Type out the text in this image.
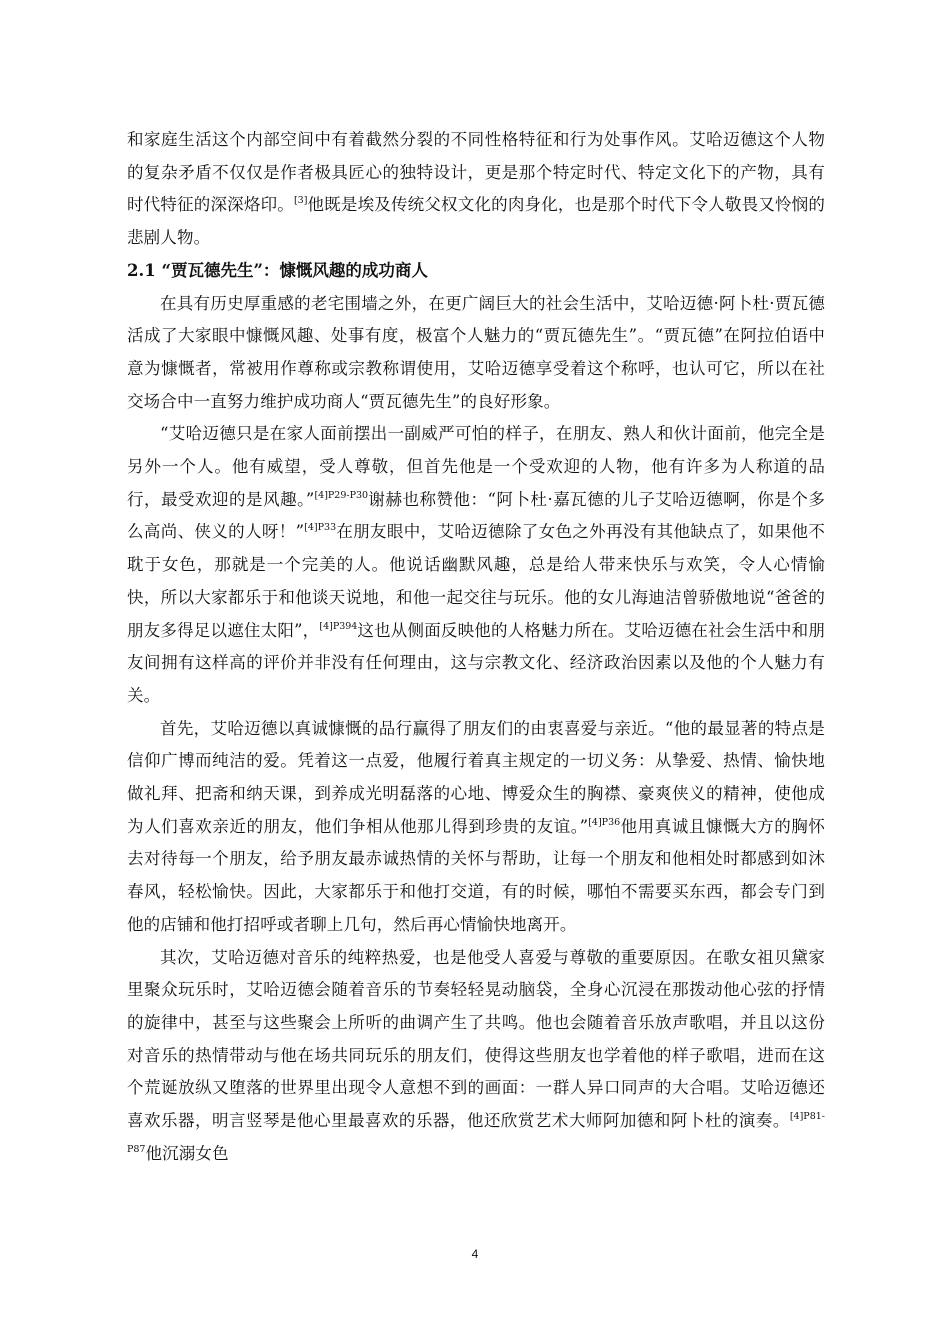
和家庭生活这个内部空间中有着截然分裂的不同性格特征和行为处事作风。艾哈迈德这个人物的复杂矛盾不仅仅是作者极具匠心的独特设计，更是那个特定时代、特定文化下的产物，具有时代特征的深深烙印。[3]他既是埃及传统父权文化的肉身化，也是那个时代下令人敬畏又怜悯的悲剧人物。

2.1 “贾瓦德先生”：慷慨风趣的成功商人

在具有历史厚重感的老宅围墙之外，在更广阔巨大的社会生活中，艾哈迈德·阿卜杜·贾瓦德活成了大家眼中慷慨风趣、处事有度，极富个人魅力的“贾瓦德先生”。“贾瓦德”在阿拉伯语中意为慷慨者，常被用作尊称或宗教称谓使用，艾哈迈德享受着这个称呼，也认可它，所以在社交场合中一直努力维护成功商人“贾瓦德先生”的良好形象。

“艾哈迈德只是在家人面前摆出一副威严可怕的样子，在朋友、熟人和伙计面前，他完全是另外一个人。他有威望，受人尊敬，但首先他是一个受欢迎的人物，他有许多为人称道的品行，最受欢迎的是风趣。”$^{[4]P29-P30}$谢赫也称赞他：“阿卜杜·嘉瓦德的儿子艾哈迈德啊，你是个多么高尚、侠义的人呀！”$^{[4]P33}$在朋友眼中，艾哈迈德除了女色之外再没有其他缺点了，如果他不耽于女色，那就是一个完美的人。他说话幽默风趣，总是给人带来快乐与欢笑，令人心情愉快，所以大家都乐于和他谈天说地，和他一起交往与玩乐。他的女儿海迪洁曾骄傲地说“爸爸的朋友多得足以遮住太阳”，$^{[4]P394}$这也从侧面反映他的人格魅力所在。艾哈迈德在社会生活中和朋友间拥有这样高的评价并非没有任何理由，这与宗教文化、经济政治因素以及他的个人魅力有关。

首先，艾哈迈德以真诚慷慨的品行赢得了朋友们的由衷喜爱与亲近。“他的最显著的特点是信仰广博而纯洁的爱。凭着这一点爱，他履行着真主规定的一切义务：从挚爱、热情、愉快地做礼拜、把斋和纳天课，到养成光明磊落的心地、博爱众生的胸襟、豪爽侠义的精神，使他成为人们喜欢亲近的朋友，他们争相从他那儿得到珍贵的友谊。”$^{[4]P36}$他用真诚且慷慨大方的胸怀去对待每一个朋友，给予朋友最赤诚热情的关怀与帮助，让每一个朋友和他相处时都感到如沐春风，轻松愉快。因此，大家都乐于和他打交道，有的时候，哪怕不需要买东西，都会专门到他的店铺和他打招呼或者聊上几句，然后再心情愉快地离开。

其次，艾哈迈德对音乐的纯粹热爱，也是他受人喜爱与尊敬的重要原因。在歌女祖贝黛家里聚众玩乐时，艾哈迈德会随着音乐的节奏轻轻晃动脑袋，全身心沉浸在那拨动他心弦的抒情的旋律中，甚至与这些聚会上所听的曲调产生了共鸣。他也会随着音乐放声歌唱，并且以这份对音乐的热情带动与他在场共同玩乐的朋友们，使得这些朋友也学着他的样子歌唱，进而在这个荒诞放纵又堕落的世界里出现令人意想不到的画面：一群人异口同声的大合唱。艾哈迈德还喜欢乐器，明言竖琴是他心里最喜欢的乐器，他还欣赏艺术大师阿加德和阿卜杜的演奏。$^{[4]P81-P87}$他沉溺女色

4
